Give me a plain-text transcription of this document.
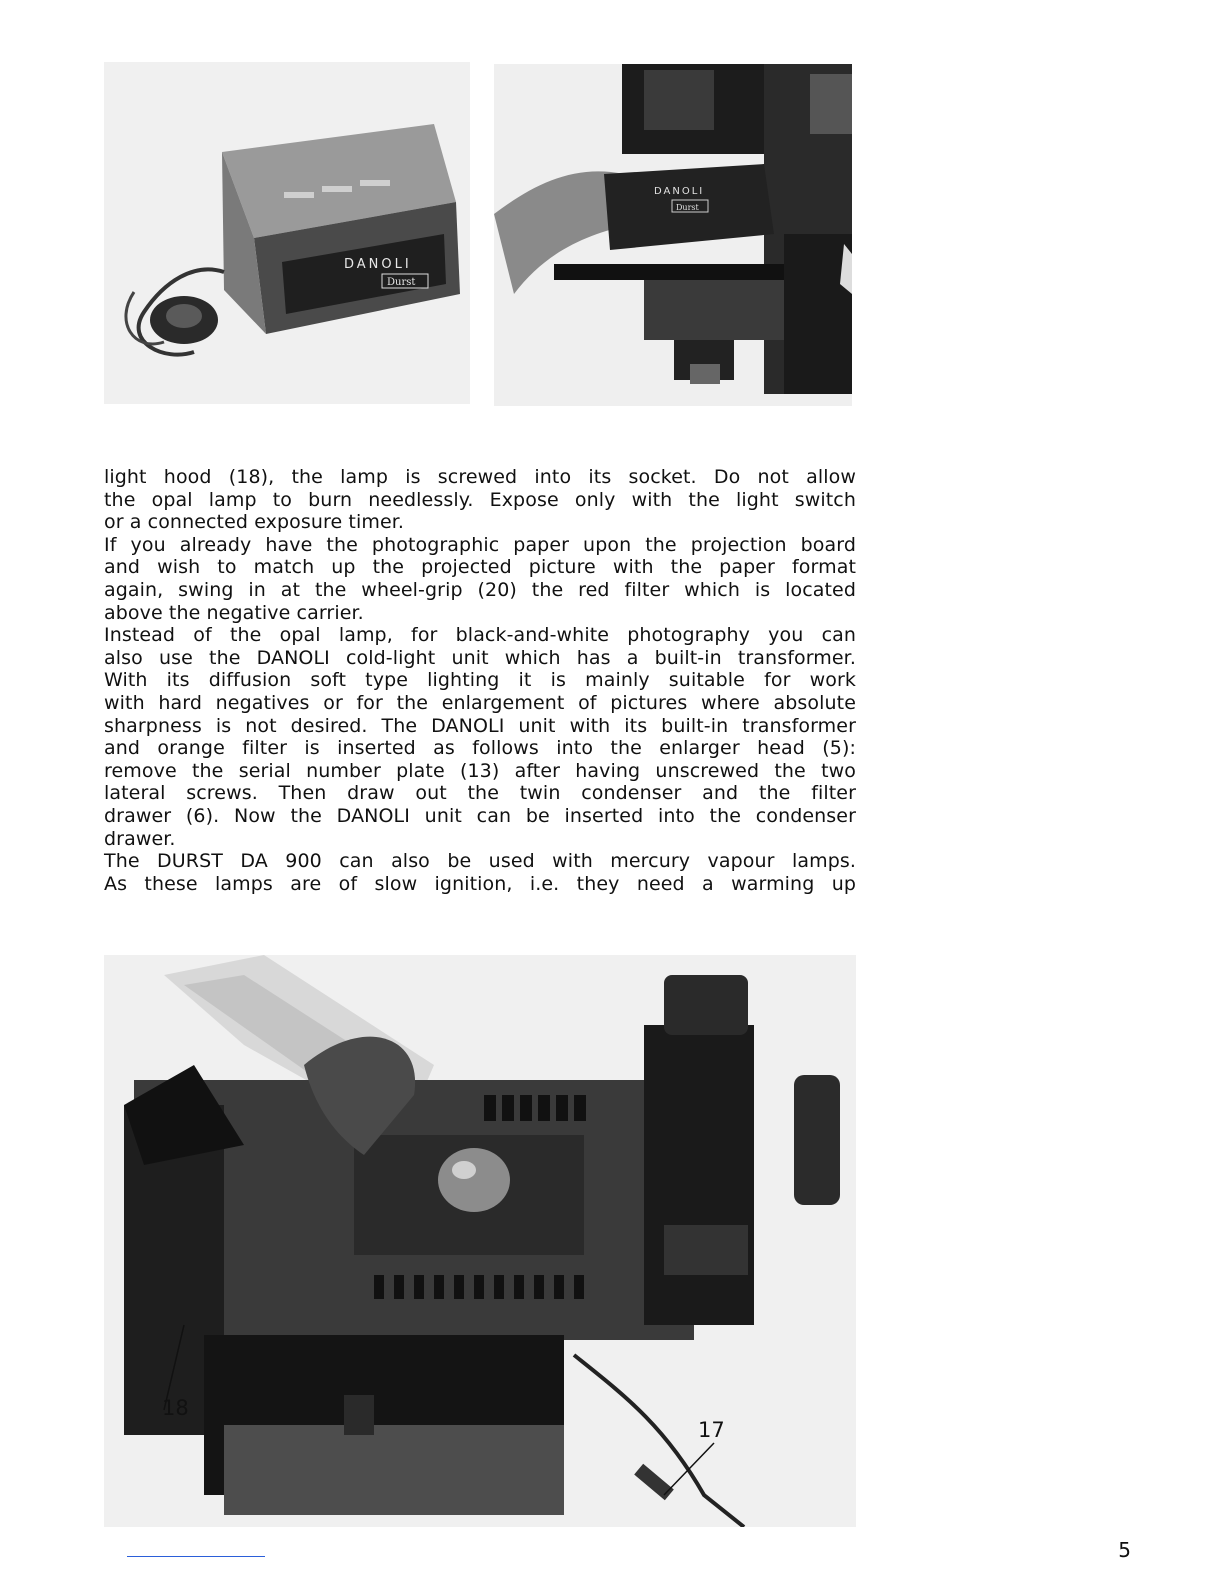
DANOLI
Durst
DANOLI
Durst

light hood (18), the lamp is screwed into its socket. Do not allow

the opal lamp to burn needlessly. Expose only with the light switch

or a connected exposure timer.

If you already have the photographic paper upon the projection board

and wish to match up the projected picture with the paper format

again, swing in at the wheel-grip (20) the red filter which is located

above the negative carrier.

Instead of the opal lamp, for black-and-white photography you can

also use the DANOLI cold-light unit which has a built-in transformer.

With its diffusion soft type lighting it is mainly suitable for work

with hard negatives or for the enlargement of pictures where absolute

sharpness is not desired. The DANOLI unit with its built-in transformer

and orange filter is inserted as follows into the enlarger head (5):

remove the serial number plate (13) after having unscrewed the two

lateral screws. Then draw out the twin condenser and the filter

drawer (6). Now the DANOLI unit can be inserted into the condenser

drawer.

The DURST DA 900 can also be used with mercury vapour lamps.

As these lamps are of slow ignition, i.e. they need a warming up

18
17
5
